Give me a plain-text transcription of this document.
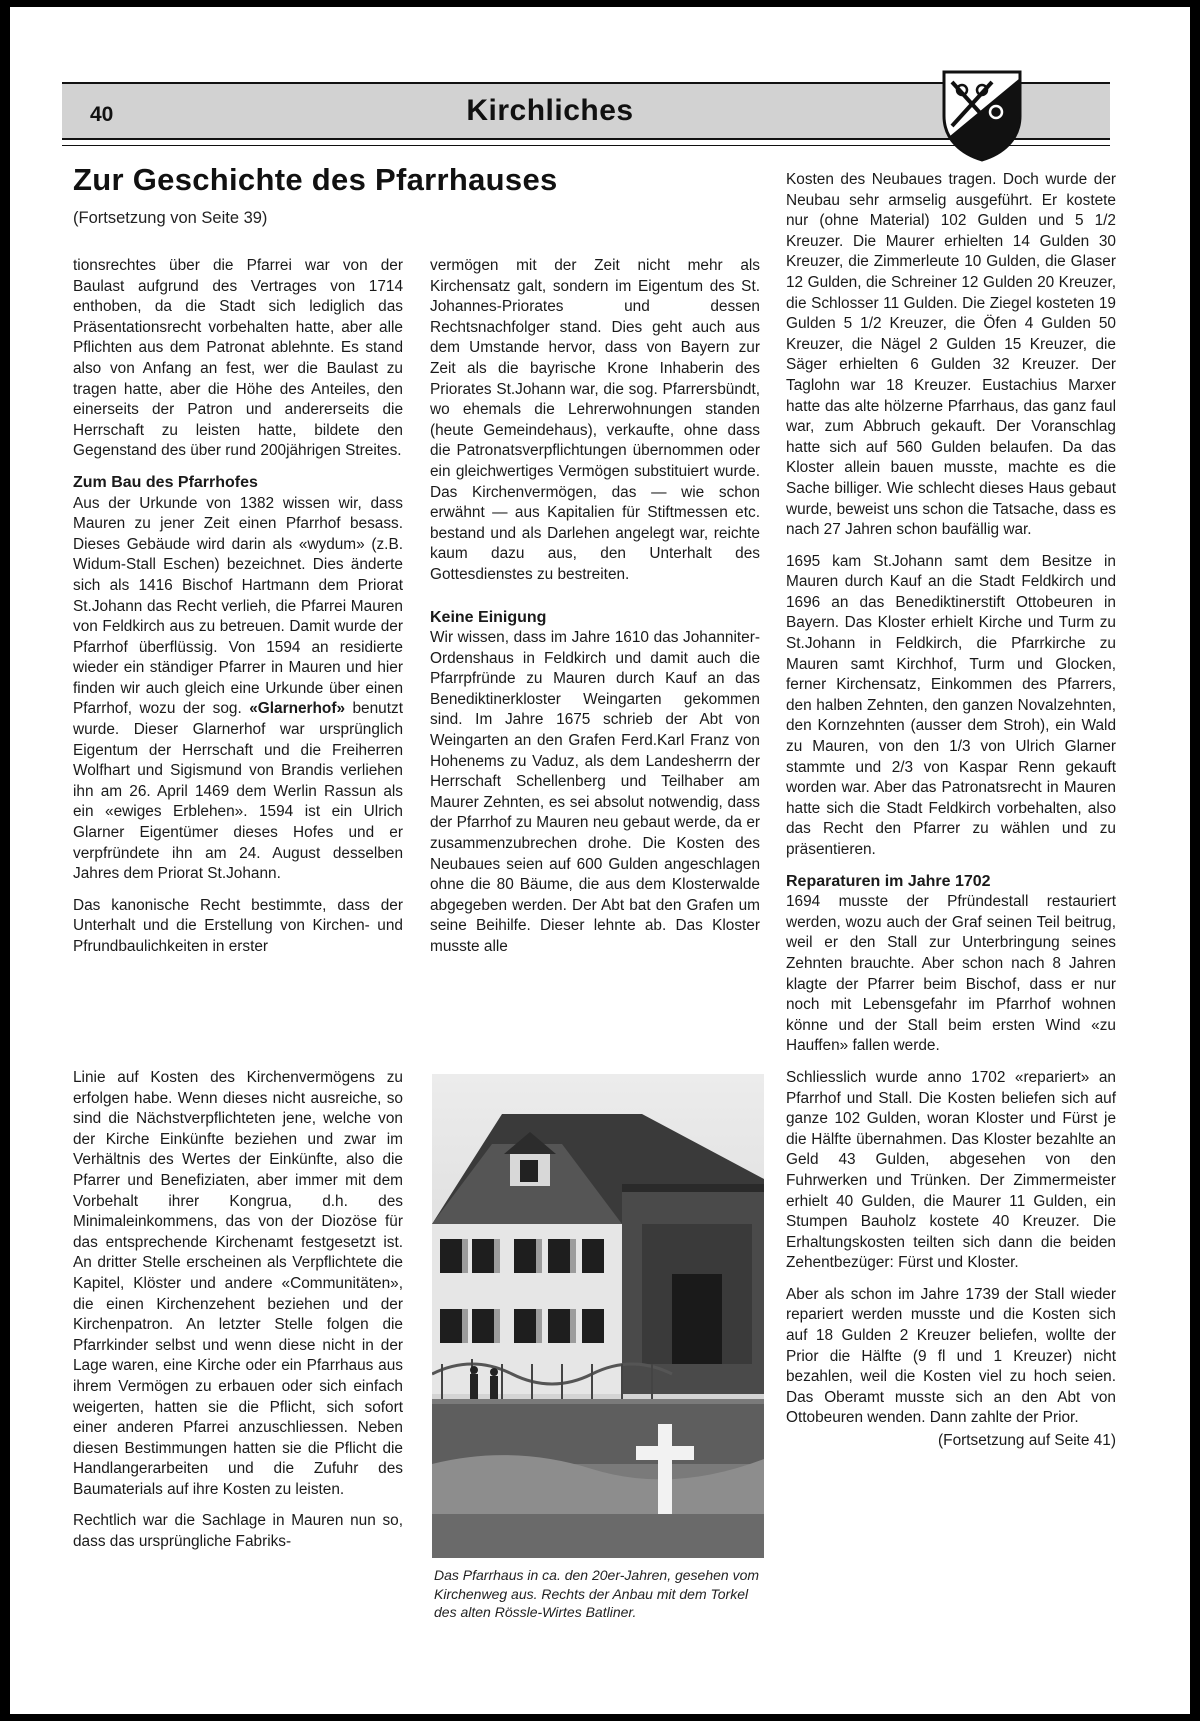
40	Kirchliches
Zur Geschichte des Pfarrhauses
(Fortsetzung von Seite 39)

tionsrechtes über die Pfarrei war von der Baulast aufgrund des Vertrages von 1714 enthoben, da die Stadt sich lediglich das Präsentationsrecht vorbehalten hatte, aber alle Pflichten aus dem Patronat ablehnte. Es stand also von Anfang an fest, wer die Baulast zu tragen hatte, aber die Höhe des Anteiles, den einerseits der Patron und andererseits die Herrschaft zu leisten hatte, bildete den Gegenstand des über rund 200jährigen Streites.

Zum Bau des Pfarrhofes

Aus der Urkunde von 1382 wissen wir, dass Mauren zu jener Zeit einen Pfarrhof besass. Dieses Gebäude wird darin als «wydum» (z.B. Widum-Stall Eschen) bezeichnet. Dies änderte sich als 1416 Bischof Hartmann dem Priorat St.Johann das Recht verlieh, die Pfarrei Mauren von Feldkirch aus zu betreuen. Damit wurde der Pfarrhof überflüssig. Von 1594 an residierte wieder ein ständiger Pfarrer in Mauren und hier finden wir auch gleich eine Urkunde über einen Pfarrhof, wozu der sog. «Glarnerhof» benutzt wurde. Dieser Glarnerhof war ursprünglich Eigentum der Herrschaft und die Freiherren Wolfhart und Sigismund von Brandis verliehen ihn am 26. April 1469 dem Werlin Rassun als ein «ewiges Erblehen». 1594 ist ein Ulrich Glarner Eigentümer dieses Hofes und er verpfründete ihn am 24. August desselben Jahres dem Priorat St.Johann.

Das kanonische Recht bestimmte, dass der Unterhalt und die Erstellung von Kirchen- und Pfrundbaulichkeiten in erster

Linie auf Kosten des Kirchenvermögens zu erfolgen habe. Wenn dieses nicht ausreiche, so sind die Nächstverpflichteten jene, welche von der Kirche Einkünfte beziehen und zwar im Verhältnis des Wertes der Einkünfte, also die Pfarrer und Benefiziaten, aber immer mit dem Vorbehalt ihrer Kongrua, d.h. des Minimaleinkommens, das von der Diozöse für das entsprechende Kirchenamt festgesetzt ist. An dritter Stelle erscheinen als Verpflichtete die Kapitel, Klöster und andere «Communitäten», die einen Kirchenzehent beziehen und der Kirchenpatron. An letzter Stelle folgen die Pfarrkinder selbst und wenn diese nicht in der Lage waren, eine Kirche oder ein Pfarrhaus aus ihrem Vermögen zu erbauen oder sich einfach weigerten, hatten sie die Pflicht, sich sofort einer anderen Pfarrei anzuschliessen. Neben diesen Bestimmungen hatten sie die Pflicht die Handlangerarbeiten und die Zufuhr des Baumaterials auf ihre Kosten zu leisten.

Rechtlich war die Sachlage in Mauren nun so, dass das ursprüngliche Fabriks-

vermögen mit der Zeit nicht mehr als Kirchensatz galt, sondern im Eigentum des St. Johannes-Priorates und dessen Rechtsnachfolger stand. Dies geht auch aus dem Umstande hervor, dass von Bayern zur Zeit als die bayrische Krone Inhaberin des Priorates St.Johann war, die sog. Pfarrersbündt, wo ehemals die Lehrerwohnungen standen (heute Gemeindehaus), verkaufte, ohne dass die Patronatsverpflichtungen übernommen oder ein gleichwertiges Vermögen substituiert wurde. Das Kirchenvermögen, das — wie schon erwähnt — aus Kapitalien für Stiftmessen etc. bestand und als Darlehen angelegt war, reichte kaum dazu aus, den Unterhalt des Gottesdienstes zu bestreiten.

Keine Einigung

Wir wissen, dass im Jahre 1610 das Johanniter-Ordenshaus in Feldkirch und damit auch die Pfarrpfründe zu Mauren durch Kauf an das Benediktinerkloster Weingarten gekommen sind. Im Jahre 1675 schrieb der Abt von Weingarten an den Grafen Ferd.Karl Franz von Hohenems zu Vaduz, als dem Landesherrn der Herrschaft Schellenberg und Teilhaber am Maurer Zehnten, es sei absolut notwendig, dass der Pfarrhof zu Mauren neu gebaut werde, da er zusammenzubrechen drohe. Die Kosten des Neubaues seien auf 600 Gulden angeschlagen ohne die 80 Bäume, die aus dem Klosterwalde abgegeben werden. Der Abt bat den Grafen um seine Beihilfe. Dieser lehnte ab. Das Kloster musste alle

Das Pfarrhaus in ca. den 20er-Jahren, gesehen vom Kirchenweg aus. Rechts der Anbau mit dem Torkel des alten Rössle-Wirtes Batliner.

Kosten des Neubaues tragen. Doch wurde der Neubau sehr armselig ausgeführt. Er kostete nur (ohne Material) 102 Gulden und 5 1/2 Kreuzer. Die Maurer erhielten 14 Gulden 30 Kreuzer, die Zimmerleute 10 Gulden, die Glaser 12 Gulden, die Schreiner 12 Gulden 20 Kreuzer, die Schlosser 11 Gulden. Die Ziegel kosteten 19 Gulden 5 1/2 Kreuzer, die Öfen 4 Gulden 50 Kreuzer, die Nägel 2 Gulden 15 Kreuzer, die Säger erhielten 6 Gulden 32 Kreuzer. Der Taglohn war 18 Kreuzer. Eustachius Marxer hatte das alte hölzerne Pfarrhaus, das ganz faul war, zum Abbruch gekauft. Der Voranschlag hatte sich auf 560 Gulden belaufen. Da das Kloster allein bauen musste, machte es die Sache billiger. Wie schlecht dieses Haus gebaut wurde, beweist uns schon die Tatsache, dass es nach 27 Jahren schon baufällig war.

1695 kam St.Johann samt dem Besitze in Mauren durch Kauf an die Stadt Feldkirch und 1696 an das Benediktinerstift Ottobeuren in Bayern. Das Kloster erhielt Kirche und Turm zu St.Johann in Feldkirch, die Pfarrkirche zu Mauren samt Kirchhof, Turm und Glocken, ferner Kirchensatz, Einkommen des Pfarrers, den halben Zehnten, den ganzen Novalzehnten, den Kornzehnten (ausser dem Stroh), ein Wald zu Mauren, von den 1/3 von Ulrich Glarner stammte und 2/3 von Kaspar Renn gekauft worden war. Aber das Patronatsrecht in Mauren hatte sich die Stadt Feldkirch vorbehalten, also das Recht den Pfarrer zu wählen und zu präsentieren.

Reparaturen im Jahre 1702

1694 musste der Pfründestall restauriert werden, wozu auch der Graf seinen Teil beitrug, weil er den Stall zur Unterbringung seines Zehnten brauchte. Aber schon nach 8 Jahren klagte der Pfarrer beim Bischof, dass er nur noch mit Lebensgefahr im Pfarrhof wohnen könne und der Stall beim ersten Wind «zu Hauffen» fallen werde.

Schliesslich wurde anno 1702 «repariert» an Pfarrhof und Stall. Die Kosten beliefen sich auf ganze 102 Gulden, woran Kloster und Fürst je die Hälfte übernahmen. Das Kloster bezahlte an Geld 43 Gulden, abgesehen von den Fuhrwerken und Trünken. Der Zimmermeister erhielt 40 Gulden, die Maurer 11 Gulden, ein Stumpen Bauholz kostete 40 Kreuzer. Die Erhaltungskosten teilten sich dann die beiden Zehentbezüger: Fürst und Kloster.

Aber als schon im Jahre 1739 der Stall wieder repariert werden musste und die Kosten sich auf 18 Gulden 2 Kreuzer beliefen, wollte der Prior die Hälfte (9 fl und 1 Kreuzer) nicht bezahlen, weil die Kosten viel zu hoch seien. Das Oberamt musste sich an den Abt von Ottobeuren wenden. Dann zahlte der Prior.

(Fortsetzung auf Seite 41)
